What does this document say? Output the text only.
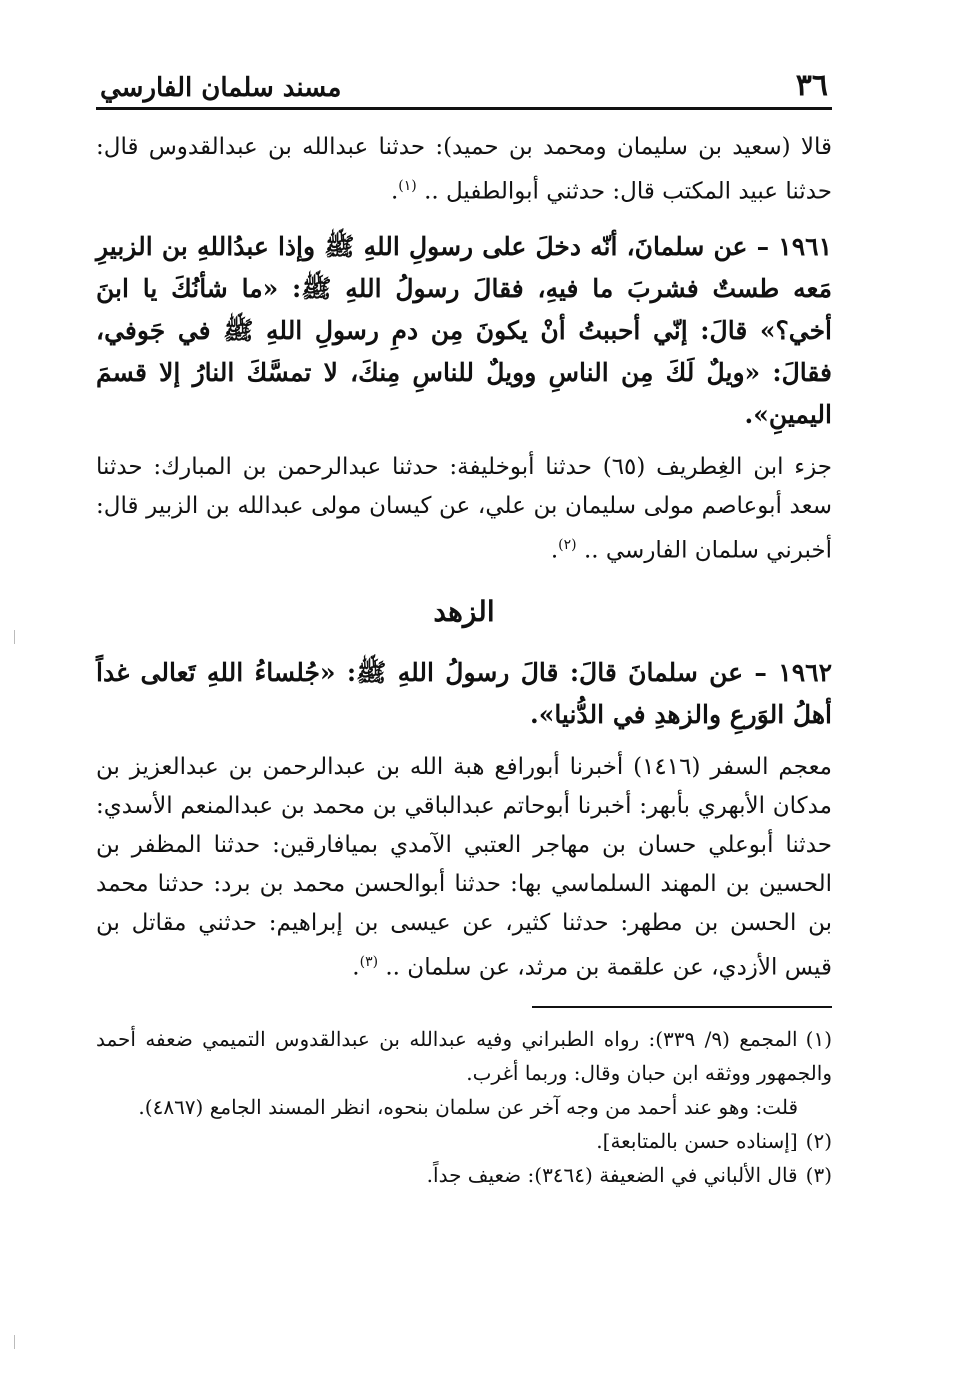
٣٦
مسند سلمان الفارسي

قالا (سعيد بن سليمان ومحمد بن حميد): حدثنا عبدالله بن عبدالقدوس قال: حدثنا عبيد المكتب قال: حدثني أبوالطفيل .. $^{(١)}$.

١٩٦١ – عن سلمانَ، أنّه دخلَ على رسولِ اللهِ ﷺ وإذا عبدُاللهِ بن الزبيرِ مَعه طستٌ فشربَ ما فيهِ، فقالَ رسولُ اللهِ ﷺ: «ما شأنُكَ يا ابنَ أخي؟» قالَ: إنّي أحببتُ أنْ يكونَ مِن دمِ رسولِ اللهِ ﷺ في جَوفي، فقالَ: «ويلٌ لَكَ مِن الناسِ وويلٌ للناسِ مِنكَ، لا تمسَّكَ النارُ إلا قسمَ اليمينِ».

جزء ابن الغِطريف (٦٥) حدثنا أبوخليفة: حدثنا عبدالرحمن بن المبارك: حدثنا سعد أبوعاصم مولى سليمان بن علي، عن كيسان مولى عبدالله بن الزبير قال: أخبرني سلمان الفارسي .. $^{(٢)}$.

الزهد

١٩٦٢ – عن سلمانَ قالَ: قالَ رسولُ اللهِ ﷺ: «جُلساءُ اللهِ تَعالى غداً أهلُ الوَرعِ والزهدِ في الدُّنيا».

معجم السفر (١٤١٦) أخبرنا أبورافع هبة الله بن عبدالرحمن بن عبدالعزيز بن مدكان الأبهري بأبهر: أخبرنا أبوحاتم عبدالباقي بن محمد بن عبدالمنعم الأسدي: حدثنا أبوعلي حسان بن مهاجر العتبي الآمدي بميافارقين: حدثنا المظفر بن الحسين بن المهند السلماسي بها: حدثنا أبوالحسن محمد بن برد: حدثنا محمد بن الحسن بن مطهر: حدثنا كثير، عن عيسى بن إبراهيم: حدثني مقاتل بن قيس الأزدي، عن علقمة بن مرثد، عن سلمان .. $^{(٣)}$.

(١)المجمع (٩/ ٣٣٩): رواه الطبراني وفيه عبدالله بن عبدالقدوس التميمي ضعفه أحمد والجمهور ووثقه ابن حبان وقال: وربما أغرب.

قلت: وهو عند أحمد من وجه آخر عن سلمان بنحوه، انظر المسند الجامع (٤٨٦٧).

(٢)[إسناده حسن بالمتابعة].

(٣)قال الألباني في الضعيفة (٣٤٦٤): ضعيف جداً.
